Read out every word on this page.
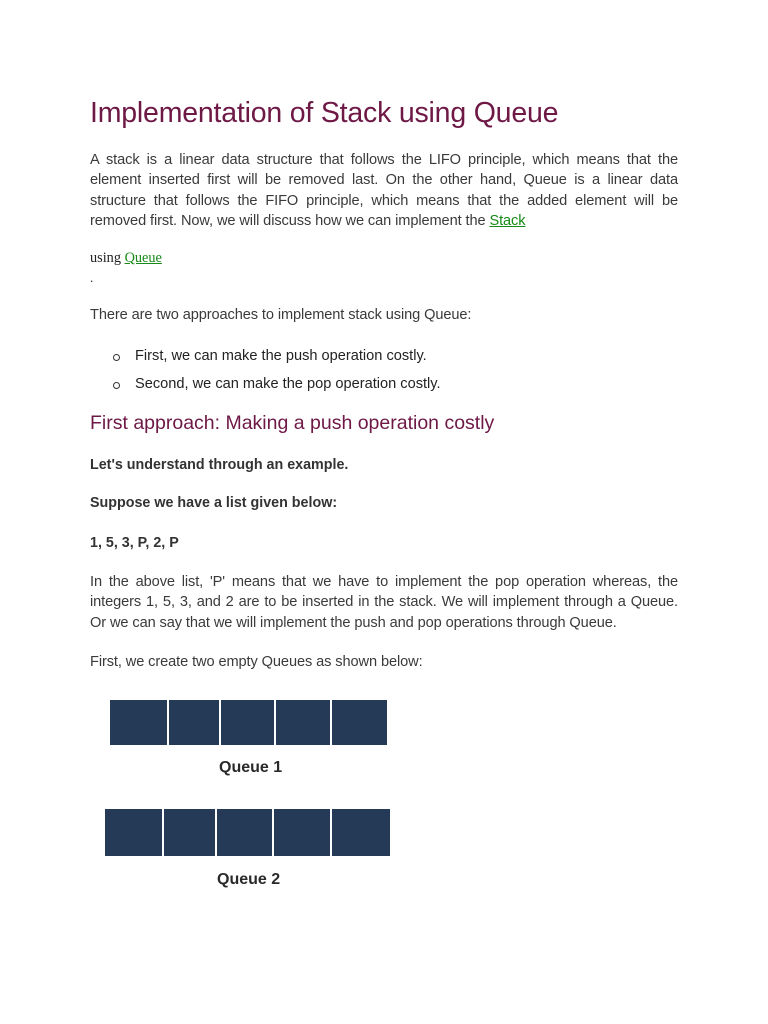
Implementation of Stack using Queue

A stack is a linear data structure that follows the LIFO principle, which means that the element inserted first will be removed last. On the other hand, Queue is a linear data structure that follows the FIFO principle, which means that the added element will be removed first. Now, we will discuss how we can implement the Stack

using Queue

.

There are two approaches to implement stack using Queue:

First, we can make the push operation costly.
Second, we can make the pop operation costly.
First approach: Making a push operation costly

Let's understand through an example.

Suppose we have a list given below:

1, 5, 3, P, 2, P

In the above list, 'P' means that we have to implement the pop operation whereas, the integers 1, 5, 3, and 2 are to be inserted in the stack. We will implement through a Queue. Or we can say that we will implement the push and pop operations through Queue.

First, we create two empty Queues as shown below:

Queue 1
Queue 2
